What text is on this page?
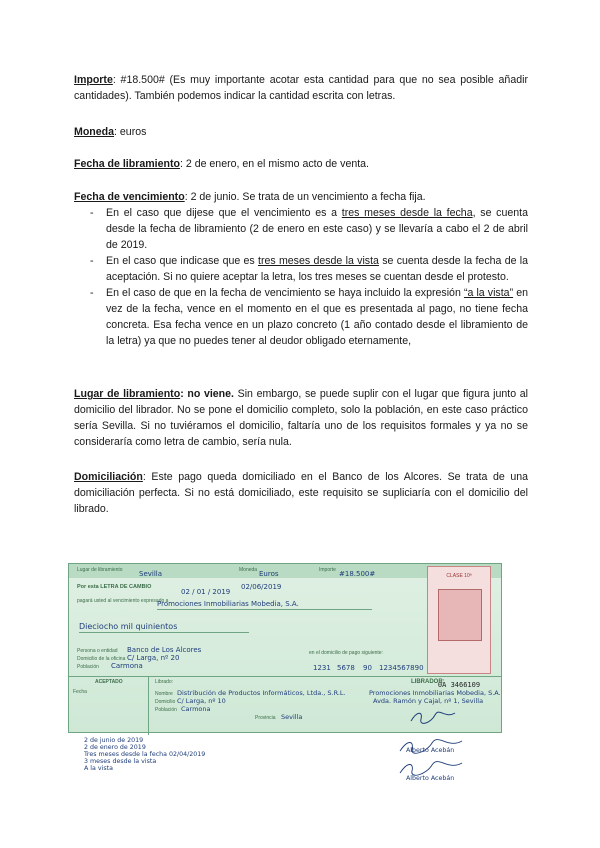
Importe: #18.500# (Es muy importante acotar esta cantidad para que no sea posible añadir cantidades). También podemos indicar la cantidad escrita con letras.

Moneda: euros

Fecha de libramiento: 2 de enero, en el mismo acto de venta.

Fecha de vencimiento: 2 de junio. Se trata de un vencimiento a fecha fija.

- En el caso que dijese que el vencimiento es a tres meses desde la fecha, se cuenta desde la fecha de libramiento (2 de enero en este caso) y se llevaría a cabo el 2 de abril de 2019.
- En el caso que indicase que es tres meses desde la vista se cuenta desde la fecha de la aceptación. Si no quiere aceptar la letra, los tres meses se cuentan desde el protesto.
- En el caso de que en la fecha de vencimiento se haya incluido la expresión “a la vista” en vez de la fecha, vence en el momento en el que es presentada al pago, no tiene fecha concreta. Esa fecha vence en un plazo concreto (1 año contado desde el libramiento de la letra) ya que no puedes tener al deudor obligado eternamente,

Lugar de libramiento: no viene. Sin embargo, se puede suplir con el lugar que figura junto al domicilio del librador. No se pone el domicilio completo, solo la población, en este caso práctico sería Sevilla. Si no tuviéramos el domicilio, faltaría uno de los requisitos formales y ya no se consideraría como letra de cambio, sería nula.

Domiciliación: Este pago queda domiciliado en el Banco de los Alcores. Se trata de una domiciliación perfecta. Si no está domiciliado, este requisito se supliciaría con el domicilio del librado.

Lugar de libramiento Sevilla	Moneda Euros	Importe #18.500#
Por esta LETRA DE CAMBIO
02 / 01 / 2019
02/06/2019
pagará usted al vencimiento expresado a
Promociones Inmobiliarias Mobedia, S.A.
Dieciocho mil quinientos
Persona o entidad Banco de Los Alcores
Domicilio de la oficina C/ Larga, nº 20
Población Carmona
en el domicilio de pago siguiente:
1231 5678 90 1234567890
CLASE 10ª
0A 3466109
ACEPTADO
Fecha
Librado:
Nombre Distribución de Productos Informáticos, Ltda., S.R.L.
Domicilio C/ Larga, nº 10
Población Carmona
Provincia Sevilla
LIBRADOR:
Promociones Inmobiliarias Mobedia, S.A.
Avda. Ramón y Cajal, nº 1, Sevilla
2 de junio de 2019
2 de enero de 2019
Tres meses desde la fecha 02/04/2019
3 meses desde la vista
A la vista
Alberto Acebán
Alberto Acebán
